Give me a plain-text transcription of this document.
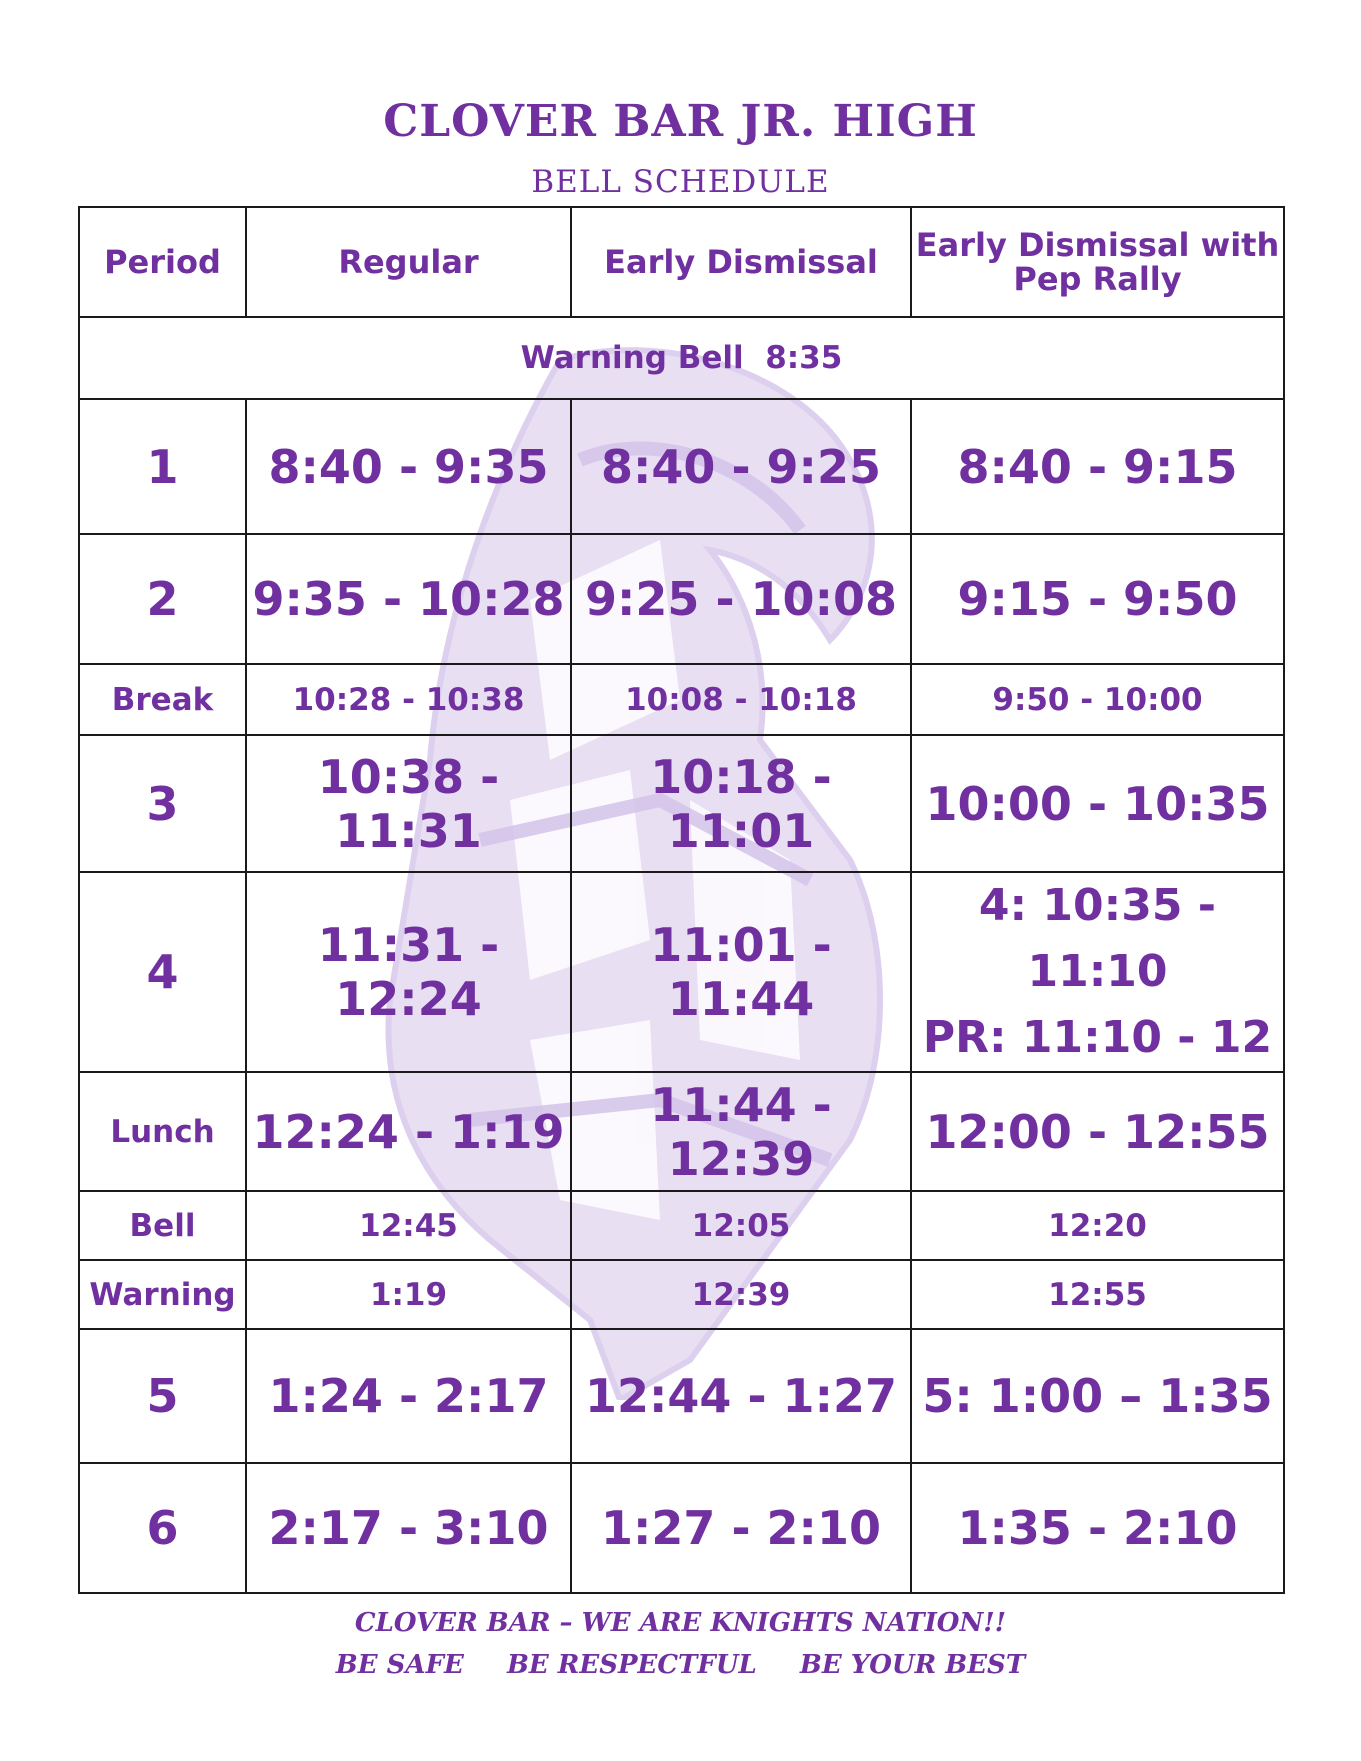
CLOVER BAR JR. HIGH
BELL SCHEDULE
Period	Regular	Early Dismissal	Early Dismissal with Pep Rally
Warning Bell  8:35			
1	8:40 - 9:35	8:40 - 9:25	8:40 - 9:15
2	9:35 - 10:28	9:25 - 10:08	9:15 - 9:50
Break	10:28 - 10:38	10:08 - 10:18	9:50 - 10:00
3	10:38 - 11:31	10:18 - 11:01	10:00 - 10:35
4	11:31 - 12:24	11:01 - 11:44	4: 10:35 - 11:10
PR: 11:10 - 12

Lunch	12:24 - 1:19	11:44 - 12:39	12:00 - 12:55
Bell	12:45	12:05	12:20
Warning	1:19	12:39	12:55
5	1:24 - 2:17	12:44 - 1:27	5: 1:00 – 1:35
6	2:17 - 3:10	1:27 - 2:10	1:35 - 2:10
CLOVER BAR – WE ARE KNIGHTS NATION!!
BE SAFE BE RESPECTFUL BE YOUR BEST
